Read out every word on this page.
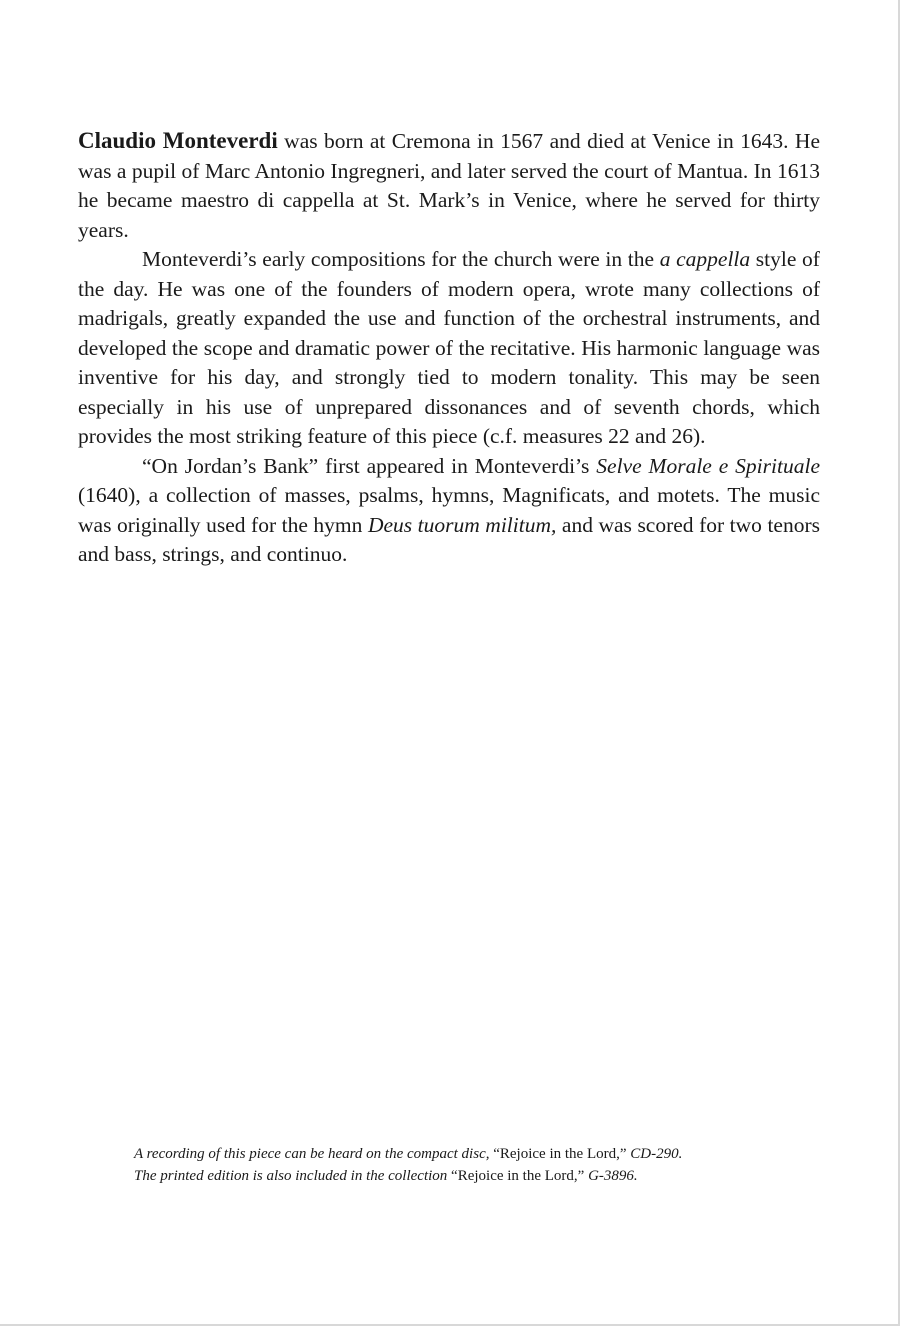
Claudio Monteverdi was born at Cremona in 1567 and died at Venice in 1643. He was a pupil of Marc Antonio Ingregneri, and later served the court of Mantua. In 1613 he became maestro di cappella at St. Mark’s in Venice, where he served for thirty years.

Monteverdi’s early compositions for the church were in the a cappella style of the day. He was one of the founders of modern opera, wrote many collections of madrigals, greatly expanded the use and function of the orchestral instruments, and developed the scope and dramatic power of the recitative. His harmonic language was inventive for his day, and strongly tied to modern tonality. This may be seen especially in his use of unprepared dissonances and of seventh chords, which provides the most striking feature of this piece (c.f. measures 22 and 26).

“On Jordan’s Bank” first appeared in Monteverdi’s Selve Morale e Spirituale (1640), a collection of masses, psalms, hymns, Magnificats, and motets. The music was originally used for the hymn Deus tuorum militum, and was scored for two tenors and bass, strings, and continuo.

A recording of this piece can be heard on the compact disc, “Rejoice in the Lord,” CD-290.
The printed edition is also included in the collection “Rejoice in the Lord,” G-3896.
